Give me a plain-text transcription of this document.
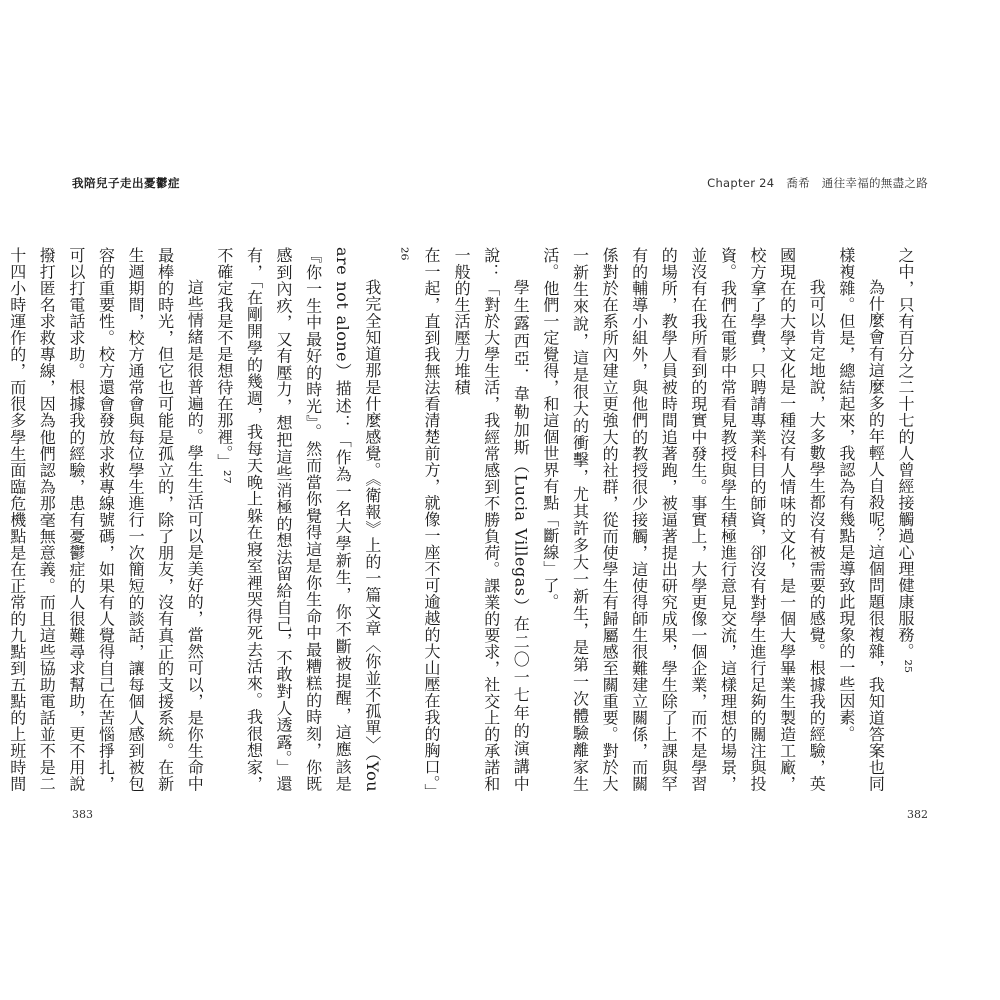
我陪兒子走出憂鬱症

在一起，直到我無法看清楚前方，就像一座不可逾越的大山壓在我的胸口。」²⁶

我完全知道那是什麼感覺。《衛報》上的一篇文章〈你並不孤單〉（You are not alone）描述：「作為一名大學新生，你不斷被提醒，這應該是『你一生中最好的時光』。然而當你覺得這是你生命中最糟糕的時刻，你既感到內疚，又有壓力，想把這些消極的想法留給自己，不敢對人透露。」還有，「在剛開學的幾週，我每天晚上躲在寢室裡哭得死去活來。我很想家，不確定我是不是想待在那裡。」²⁷

這些情緒是很普遍的。學生生活可以是美好的，當然可以，是你生命中最棒的時光，但它也可能是孤立的，除了朋友，沒有真正的支援系統。在新生週期間，校方通常會與每位學生進行一次簡短的談話，讓每個人感到被包容的重要性。校方還會發放求救專線號碼，如果有人覺得自己在苦惱掙扎，可以打電話求助。根據我的經驗，患有憂鬱症的人很難尋求幫助，更不用說撥打匿名求救專線，因為他們認為那毫無意義。而且這些協助電話並不是二十四小時運作的，而很多學生面臨危機點是在正常的九點到五點的上班時間

383
Chapter 24 喬希　通往幸福的無盡之路

之中，只有百分之二十七的人曾經接觸過心理健康服務。²⁵

為什麼會有這麼多的年輕人自殺呢？這個問題很複雜，我知道答案也同樣複雜。但是，總結起來，我認為有幾點是導致此現象的一些因素。

我可以肯定地說，大多數學生都沒有被需要的感覺。根據我的經驗，英國現在的大學文化是一種沒有人情味的文化，是一個大學畢業生製造工廠，校方拿了學費，只聘請專業科目的師資，卻沒有對學生進行足夠的關注與投資。我們在電影中常看見教授與學生積極進行意見交流，這樣理想的場景，並沒有在我所看到的現實中發生。事實上，大學更像一個企業，而不是學習的場所，教學人員被時間追著跑，被逼著提出研究成果，學生除了上課與罕有的輔導小組外，與他們的教授很少接觸，這使得師生很難建立關係，而關係對於在系所內建立更強大的社群，從而使學生有歸屬感至關重要。對於大一新生來說，這是很大的衝擊，尤其許多大一新生，是第一次體驗離家生活。他們一定覺得，和這個世界有點「斷線」了。

學生露西亞．韋勒加斯（Lucia Villegas）在二〇一七年的演講中說：「對於大學生活，我經常感到不勝負荷。課業的要求，社交上的承諾和一般的生活壓力堆積

382
